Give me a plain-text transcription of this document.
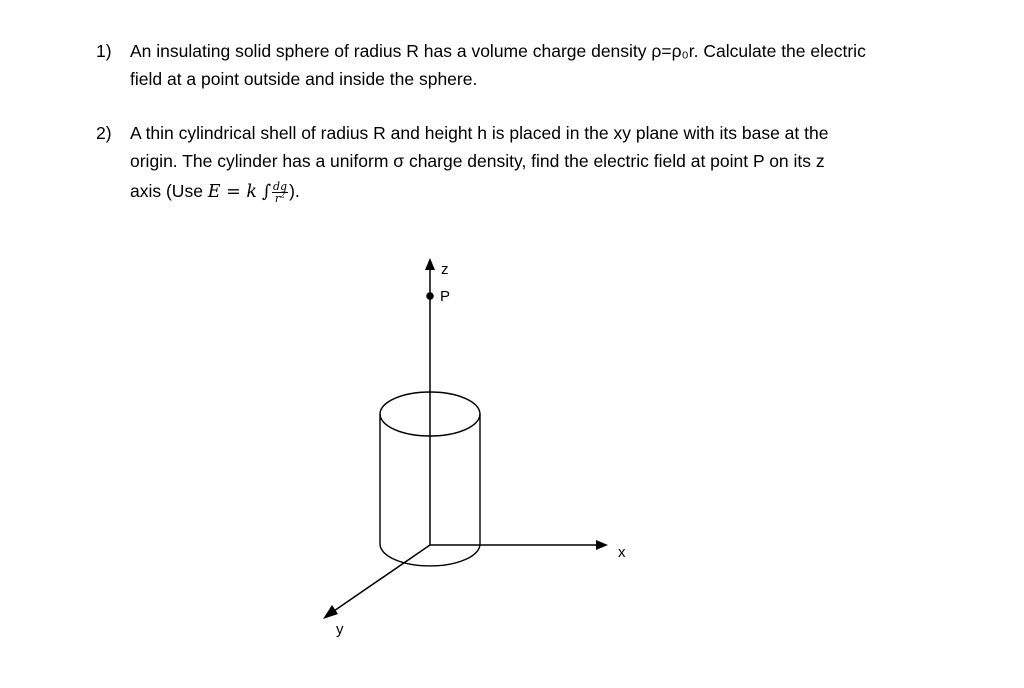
1) An insulating solid sphere of radius R has a volume charge density ρ=ρ₀r. Calculate the electric
field at a point outside and inside the sphere.
2) A thin cylindrical shell of radius R and height h is placed in the xy plane with its base at the
origin. The cylinder has a uniform σ charge density, find the electric field at point P on its z
axis (Use E = k ∫ $\frac{dq}{r^2}$ ).
z
P
x
y
